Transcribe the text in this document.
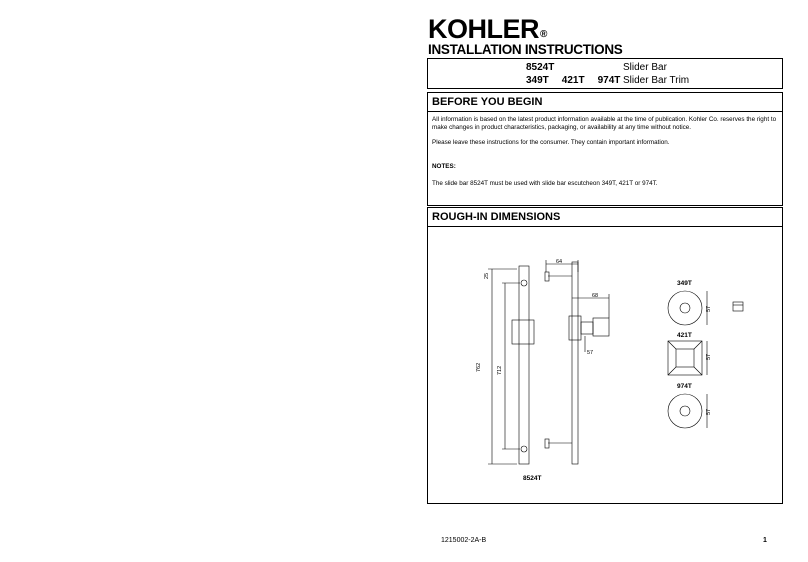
KOHLER®
INSTALLATION INSTRUCTIONS
8524T	Slider Bar
349T 421T 974T Slider Bar Trim
BEFORE YOU BEGIN
All information is based on the latest product information available at the time of publication. Kohler Co. reserves the right to make changes in product characteristics, packaging, or availability at any time without notice.
Please leave these instructions for the consumer. They contain important information.
NOTES:
The slide bar 8524T must be used with slide bar escutcheon 349T, 421T or 974T.
ROUGH-IN DIMENSIONS
762	712
25
64
68
57
57
57
57
349T
421T
974T
8524T
1215002-2A-B	1
